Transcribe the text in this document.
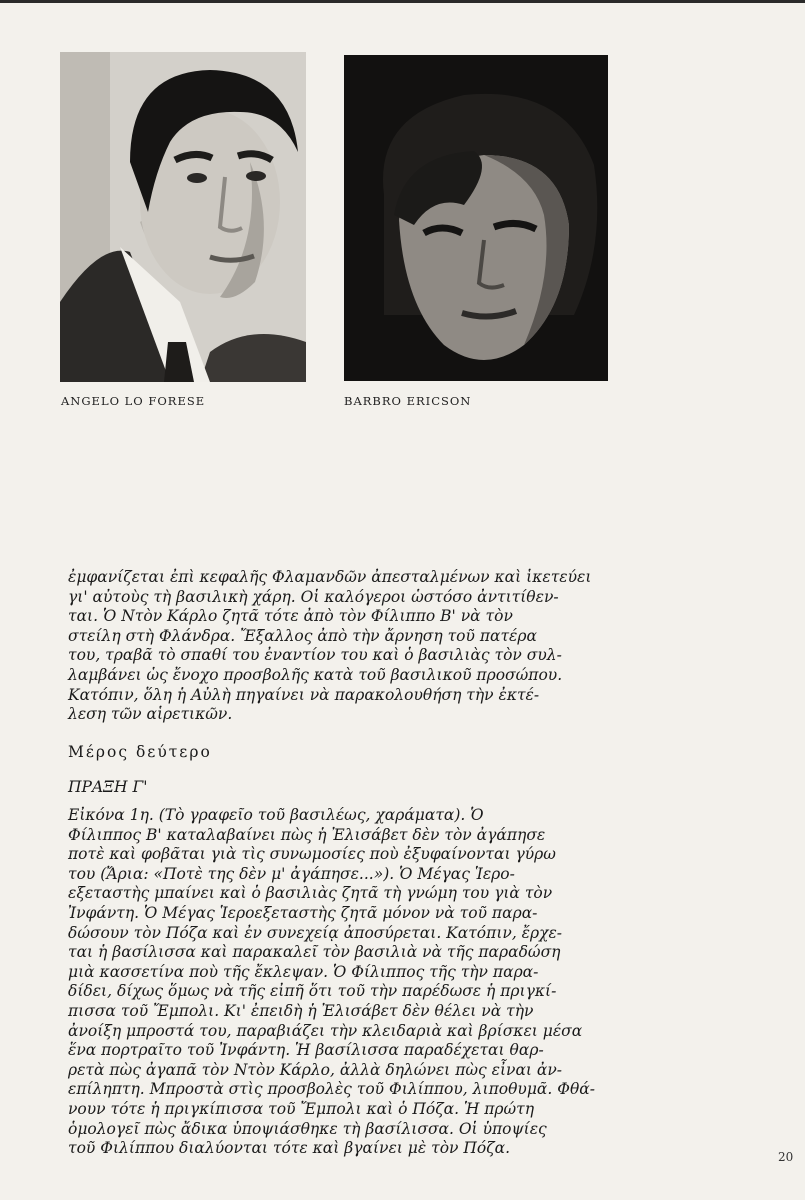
ANGELO LO FORESE	BARBRO ERICSON
ἐμφανίζεται ἐπὶ κεφαλῆς Φλαμανδῶν ἀπεσταλμένων καὶ ἱκετεύει
γι' αὐτοὺς τὴ βασιλικὴ χάρη. Οἱ καλόγεροι ὡστόσο ἀντιτίθεν-
ται. Ὁ Ντὸν Κάρλο ζητᾶ τότε ἀπὸ τὸν Φίλιππο Β' νὰ τὸν
στείλη στὴ Φλάνδρα. Ἔξαλλος ἀπὸ τὴν ἄρνηση τοῦ πατέρα
του, τραβᾶ τὸ σπαθί του ἐναντίον του καὶ ὁ βασιλιὰς τὸν συλ-
λαμβάνει ὡς ἔνοχο προσβολῆς κατὰ τοῦ βασιλικοῦ προσώπου.
Κατόπιν, ὅλη ἡ Αὐλὴ πηγαίνει νὰ παρακολουθήση τὴν ἐκτέ-
λεση τῶν αἱρετικῶν.
Μέρος δεύτερο
ΠΡΑΞΗ Γ'
Εἰκόνα 1η. (Τὸ γραφεῖο τοῦ βασιλέως, χαράματα). Ὁ
Φίλιππος Β' καταλαβαίνει πὼς ἡ Ἐλισάβετ δὲν τὸν ἀγάπησε
ποτὲ καὶ φοβᾶται γιὰ τὶς συνωμοσίες ποὺ ἐξυφαίνονται γύρω
του (Ἄρια: «Ποτὲ της δὲν μ' ἀγάπησε...»). Ὁ Μέγας Ἱερο-
εξεταστὴς μπαίνει καὶ ὁ βασιλιὰς ζητᾶ τὴ γνώμη του γιὰ τὸν
Ἰνφάντη. Ὁ Μέγας Ἱεροεξεταστὴς ζητᾶ μόνον νὰ τοῦ παρα-
δώσουν τὸν Πόζα καὶ ἐν συνεχείᾳ ἀποσύρεται. Κατόπιν, ἔρχε-
ται ἡ βασίλισσα καὶ παρακαλεῖ τὸν βασιλιὰ νὰ τῆς παραδώση
μιὰ κασσετίνα ποὺ τῆς ἔκλεψαν. Ὁ Φίλιππος τῆς τὴν παρα-
δίδει, δίχως ὅμως νὰ τῆς εἰπῆ ὅτι τοῦ τὴν παρέδωσε ἡ πριγκί-
πισσα τοῦ Ἔμπολι. Κι' ἐπειδὴ ἡ Ἐλισάβετ δὲν θέλει νὰ τὴν
ἀνοίξη μπροστά του, παραβιάζει τὴν κλειδαριὰ καὶ βρίσκει μέσα
ἕνα πορτραῖτο τοῦ Ἰνφάντη. Ἡ βασίλισσα παραδέχεται θαρ-
ρετὰ πὼς ἀγαπᾶ τὸν Ντὸν Κάρλο, ἀλλὰ δηλώνει πὼς εἶναι ἀν-
επίληπτη. Μπροστὰ στὶς προσβολὲς τοῦ Φιλίππου, λιποθυμᾶ. Φθά-
νουν τότε ἡ πριγκίπισσα τοῦ Ἔμπολι καὶ ὁ Πόζα. Ἡ πρώτη
ὁμολογεῖ πὼς ἄδικα ὑποψιάσθηκε τὴ βασίλισσα. Οἱ ὑποψίες
τοῦ Φιλίππου διαλύονται τότε καὶ βγαίνει μὲ τὸν Πόζα.	20
